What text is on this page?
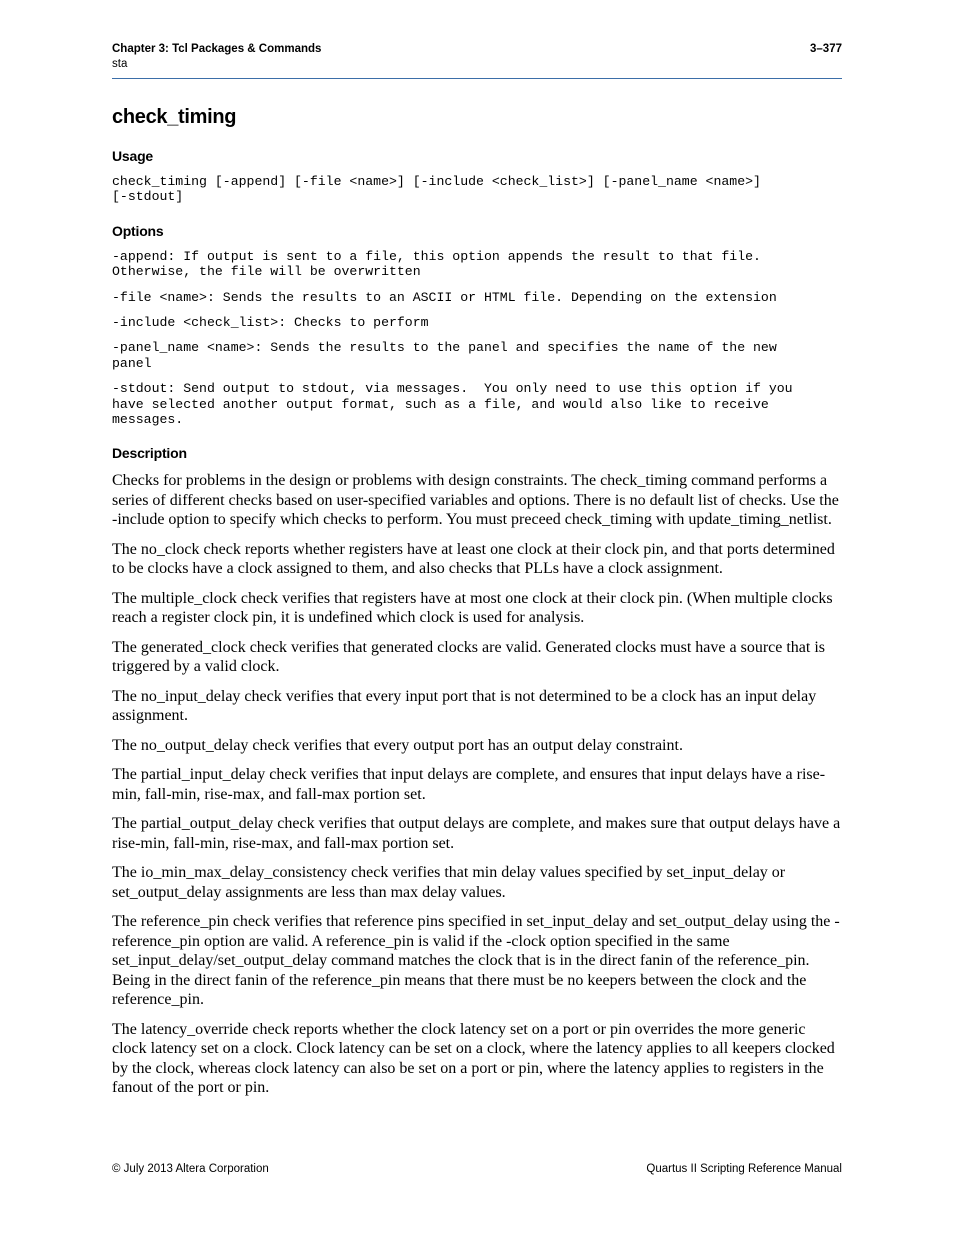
Chapter 3: Tcl Packages & Commands	3–377
sta
check_timing
Usage
check_timing [-append] [-file <name>] [-include <check_list>] [-panel_name <name>]
[-stdout]
Options
-append: If output is sent to a file, this option appends the result to that file.
Otherwise, the file will be overwritten
-file <name>: Sends the results to an ASCII or HTML file. Depending on the extension
-include <check_list>: Checks to perform
-panel_name <name>: Sends the results to the panel and specifies the name of the new
panel
-stdout: Send output to stdout, via messages.  You only need to use this option if you
have selected another output format, such as a file, and would also like to receive
messages.
Description

Checks for problems in the design or problems with design constraints. The check_timing command performs a series of different checks based on user-specified variables and options. There is no default list of checks. Use the -include option to specify which checks to perform. You must preceed check_timing with update_timing_netlist.

The no_clock check reports whether registers have at least one clock at their clock pin, and that ports determined to be clocks have a clock assigned to them, and also checks that PLLs have a clock assignment.

The multiple_clock check verifies that registers have at most one clock at their clock pin. (When multiple clocks reach a register clock pin, it is undefined which clock is used for analysis.

The generated_clock check verifies that generated clocks are valid. Generated clocks must have a source that is triggered by a valid clock.

The no_input_delay check verifies that every input port that is not determined to be a clock has an input delay assignment.

The no_output_delay check verifies that every output port has an output delay constraint.

The partial_input_delay check verifies that input delays are complete, and ensures that input delays have a rise-min, fall-min, rise-max, and fall-max portion set.

The partial_output_delay check verifies that output delays are complete, and makes sure that output delays have a rise-min, fall-min, rise-max, and fall-max portion set.

The io_min_max_delay_consistency check verifies that min delay values specified by set_input_delay or set_output_delay assignments are less than max delay values.

The reference_pin check verifies that reference pins specified in set_input_delay and set_output_delay using the -reference_pin option are valid. A reference_pin is valid if the -clock option specified in the same set_input_delay/set_output_delay command matches the clock that is in the direct fanin of the reference_pin. Being in the direct fanin of the reference_pin means that there must be no keepers between the clock and the reference_pin.

The latency_override check reports whether the clock latency set on a port or pin overrides the more generic clock latency set on a clock. Clock latency can be set on a clock, where the latency applies to all keepers clocked by the clock, whereas clock latency can also be set on a port or pin, where the latency applies to registers in the fanout of the port or pin.

© July 2013 Altera Corporation	Quartus II Scripting Reference Manual
